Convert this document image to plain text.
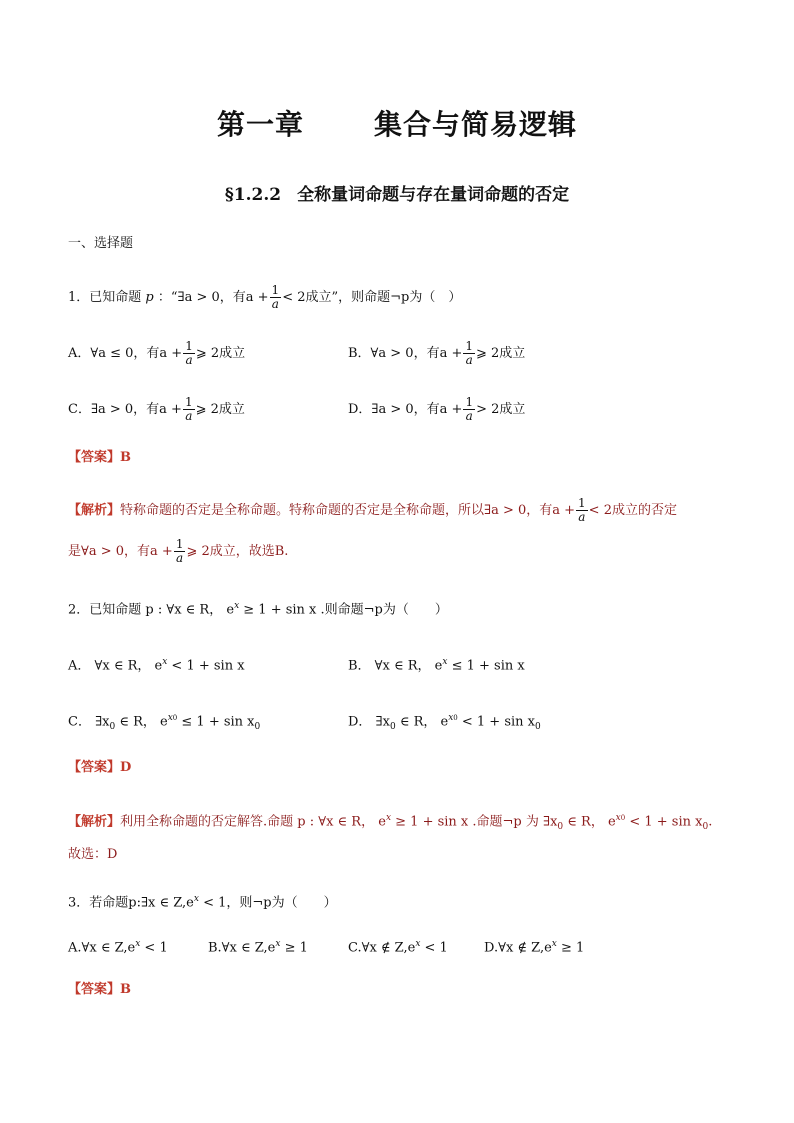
第一章	集合与简易逻辑
§1.2.2 全称量词命题与存在量词命题的否定
一、选择题
1．已知命题 p ：“∃a > 0，有$a + \frac{1}{a} < 2$成立”，则命题¬p为（　）
A．∀a ≤ 0，有$a + \frac{1}{a}$ ⩾ 2成立	B．∀a > 0，有$a + \frac{1}{a}$ ⩾ 2成立
C．∃a > 0，有$a + \frac{1}{a}$ ⩾ 2成立	D．∃a > 0，有$a + \frac{1}{a} > 2$成立
【答案】B
【解析】特称命题的否定是全称命题。特称命题的否定是全称命题，所以∃a > 0，有$a + \frac{1}{a} < 2$成立的否定
是∀a > 0，有$a + \frac{1}{a}$ ⩾ 2成立，故选B.
2．已知命题 p : ∀x ∈ R， $e^x \ge 1 + \sin x$ .则命题¬p为（　　）
A． ∀x ∈ R， $e^x < 1 + \sin x$	B． ∀x ∈ R， $e^x \le 1 + \sin x$
C． $\exists x_0$ ∈ R， $e^{x0} \le 1 + \sin x_0$	D． $\exists x_0$ ∈ R， $e^{x0} < 1 + \sin x_0$
【答案】D
【解析】利用全称命题的否定解答.命题 p : ∀x ∈ R， $e^x \ge 1 + \sin x$ .命题¬p 为 $\exists x_0$ ∈ R， $e^{x0} < 1 + \sin x_0$.
故选：D
3．若命题p:∃x ∈ $Z,e^x < 1$，则¬p为（　　）
A.∀x ∈ $Z,e^x < 1$	B.∀x ∈ $Z,e^x \ge 1$	C.∀x ∉ $Z,e^x < 1$	D.∀x ∉ $Z,e^x \ge 1$
【答案】B
